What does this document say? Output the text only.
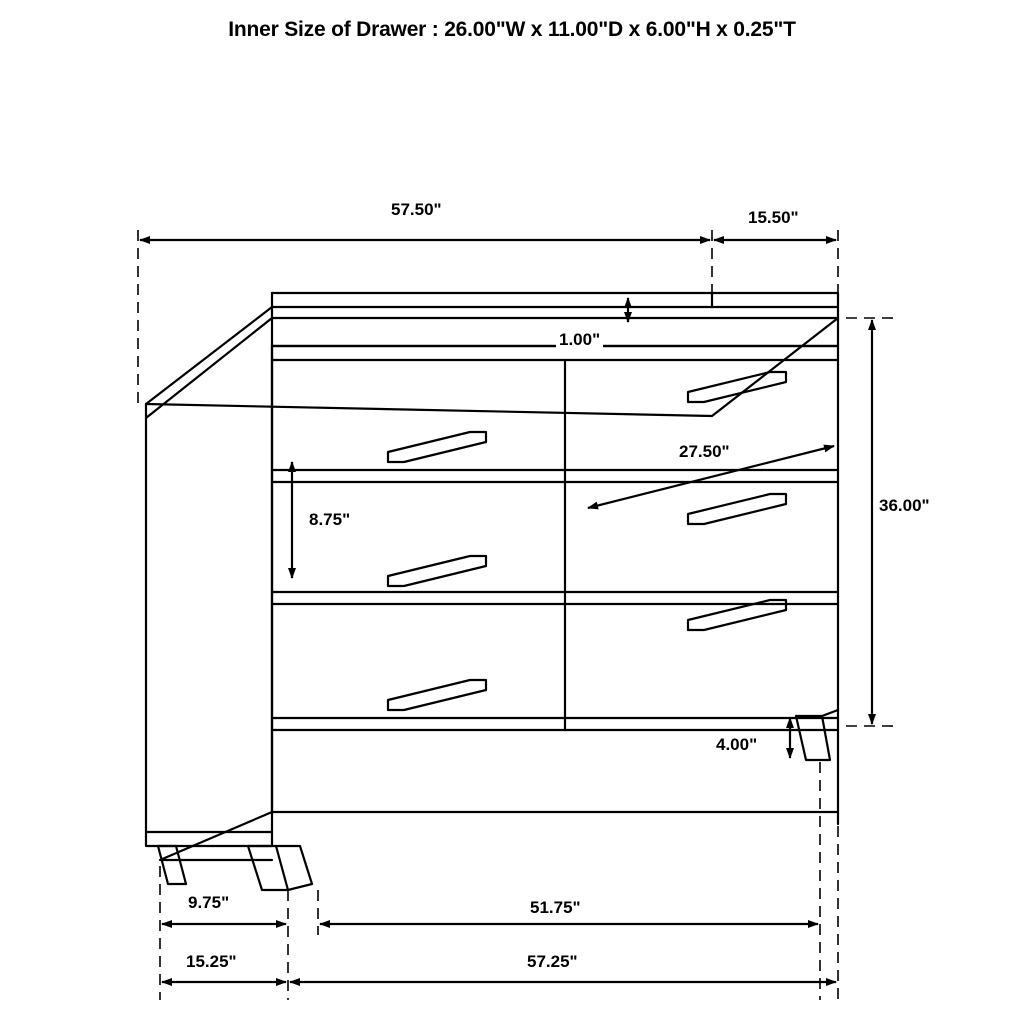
Inner Size of Drawer : 26.00"W x 11.00"D x 6.00"H x 0.25"T
57.50"	15.50"
1.00"
27.50"
8.75"
36.00"
4.00"
9.75"	51.75"
15.25"	57.25"
